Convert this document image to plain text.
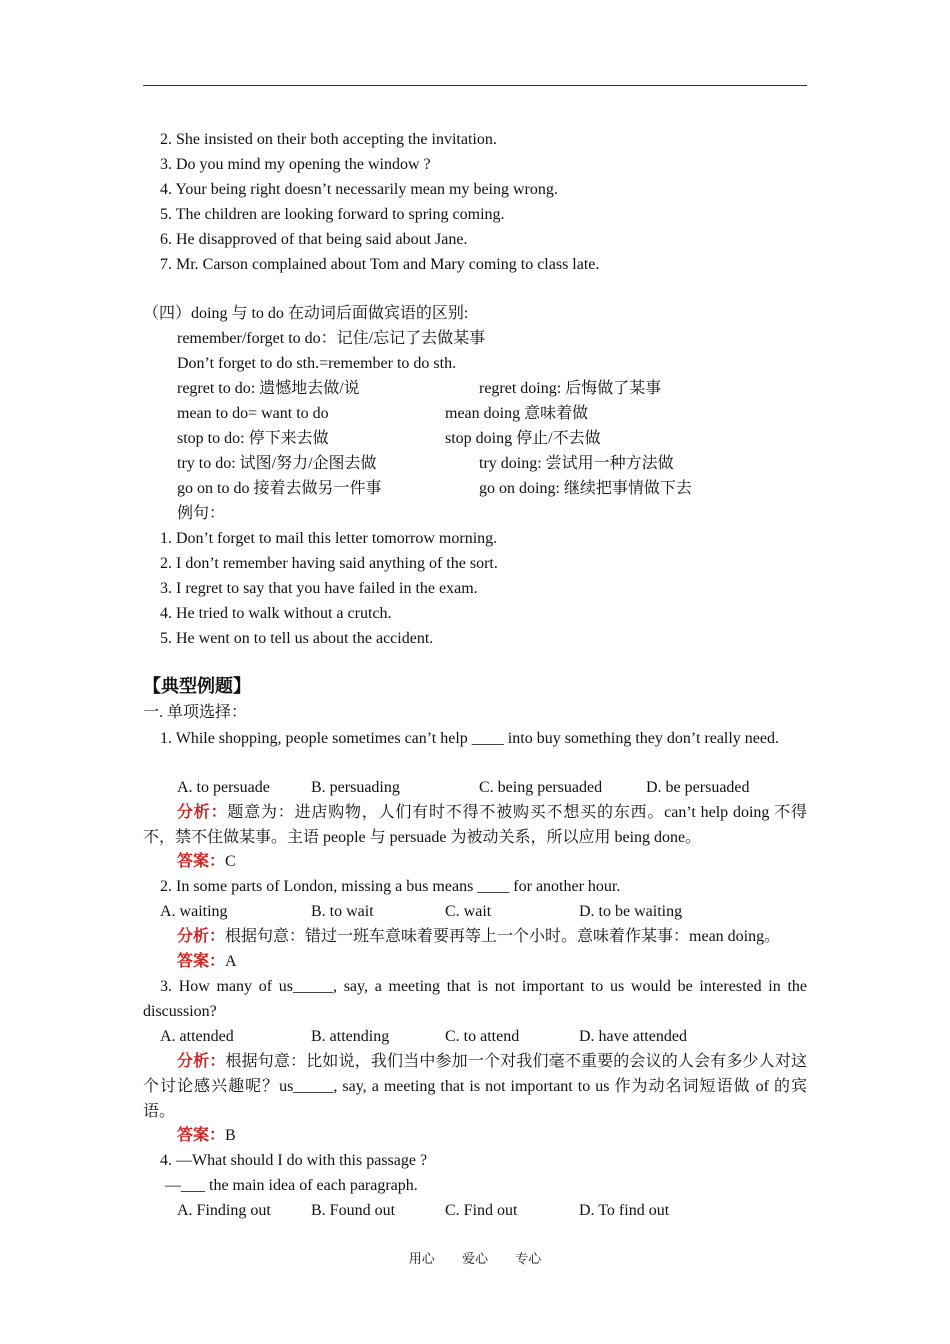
2. She insisted on their both accepting the invitation.
3. Do you mind my opening the window ?
4. Your being right doesn’t necessarily mean my being wrong.
5. The children are looking forward to spring coming.
6. He disapproved of that being said about Jane.
7. Mr. Carson complained about Tom and Mary coming to class late.
（四）doing 与 to do 在动词后面做宾语的区别:
remember/forget to do：记住/忘记了去做某事
Don’t forget to do sth.=remember to do sth.
regret to do: 遗憾地去做/说	regret doing: 后悔做了某事
mean to do= want to do	mean doing 意味着做
stop to do: 停下来去做	stop doing 停止/不去做
try to do: 试图/努力/企图去做	try doing: 尝试用一种方法做
go on to do 接着去做另一件事	go on doing: 继续把事情做下去
例句：
1. Don’t forget to mail this letter tomorrow morning.
2. I don’t remember having said anything of the sort.
3. I regret to say that you have failed in the exam.
4. He tried to walk without a crutch.
5. He went on to tell us about the accident.
【典型例题】
一. 单项选择：
1. While shopping, people sometimes can’t help ____ into buy something they don’t really need.
A. to persuade	B. persuading	C. being persuaded	D. be persuaded
分析：题意为：进店购物，人们有时不得不被购买不想买的东西。can’t help doing 不得不，禁不住做某事。主语 people 与 persuade 为被动关系，所以应用 being done。
答案：C
2. In some parts of London, missing a bus means ____ for another hour.
A. waiting	B. to wait	C. wait	D. to be waiting
分析：根据句意：错过一班车意味着要再等上一个小时。意味着作某事：mean doing。
答案：A
3. How many of us_____, say, a meeting that is not important to us would be interested in the discussion?
A. attended	B. attending	C. to attend	D. have attended
分析：根据句意：比如说，我们当中参加一个对我们毫不重要的会议的人会有多少人对这个讨论感兴趣呢？us_____, say, a meeting that is not important to us 作为动名词短语做 of 的宾语。
答案：B
4. —What should I do with this passage ?
—___ the main idea of each paragraph.
A. Finding out	B. Found out	C. Find out	D. To find out
用心 爱心 专心
